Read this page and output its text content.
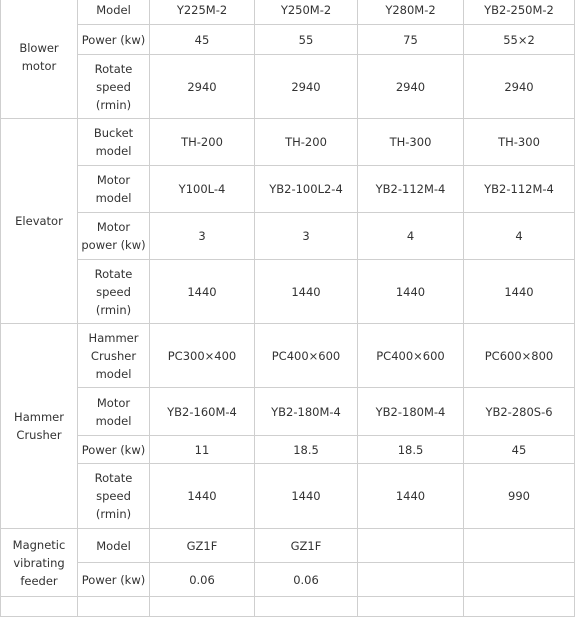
Blower motor	Model	Y225M-2	Y250M-2	Y280M-2	YB2-250M-2
	Power (kw)	45	55	75	55×2
	Rotate speed (rmin)	2940	2940	2940	2940
Elevator	Bucket model	TH-200	TH-200	TH-300	TH-300
	Motor model	Y100L-4	YB2-100L2-4	YB2-112M-4	YB2-112M-4
	Motor power (kw)	3	3	4	4
	Rotate speed (rmin)	1440	1440	1440	1440
Hammer Crusher	Hammer Crusher model	PC300×400	PC400×600	PC400×600	PC600×800
	Motor model	YB2-160M-4	YB2-180M-4	YB2-180M-4	YB2-280S-6
	Power (kw)	11	18.5	18.5	45
	Rotate speed (rmin)	1440	1440	1440	990
Magnetic vibrating feeder	Model	GZ1F	GZ1F		
	Power (kw)	0.06	0.06		
